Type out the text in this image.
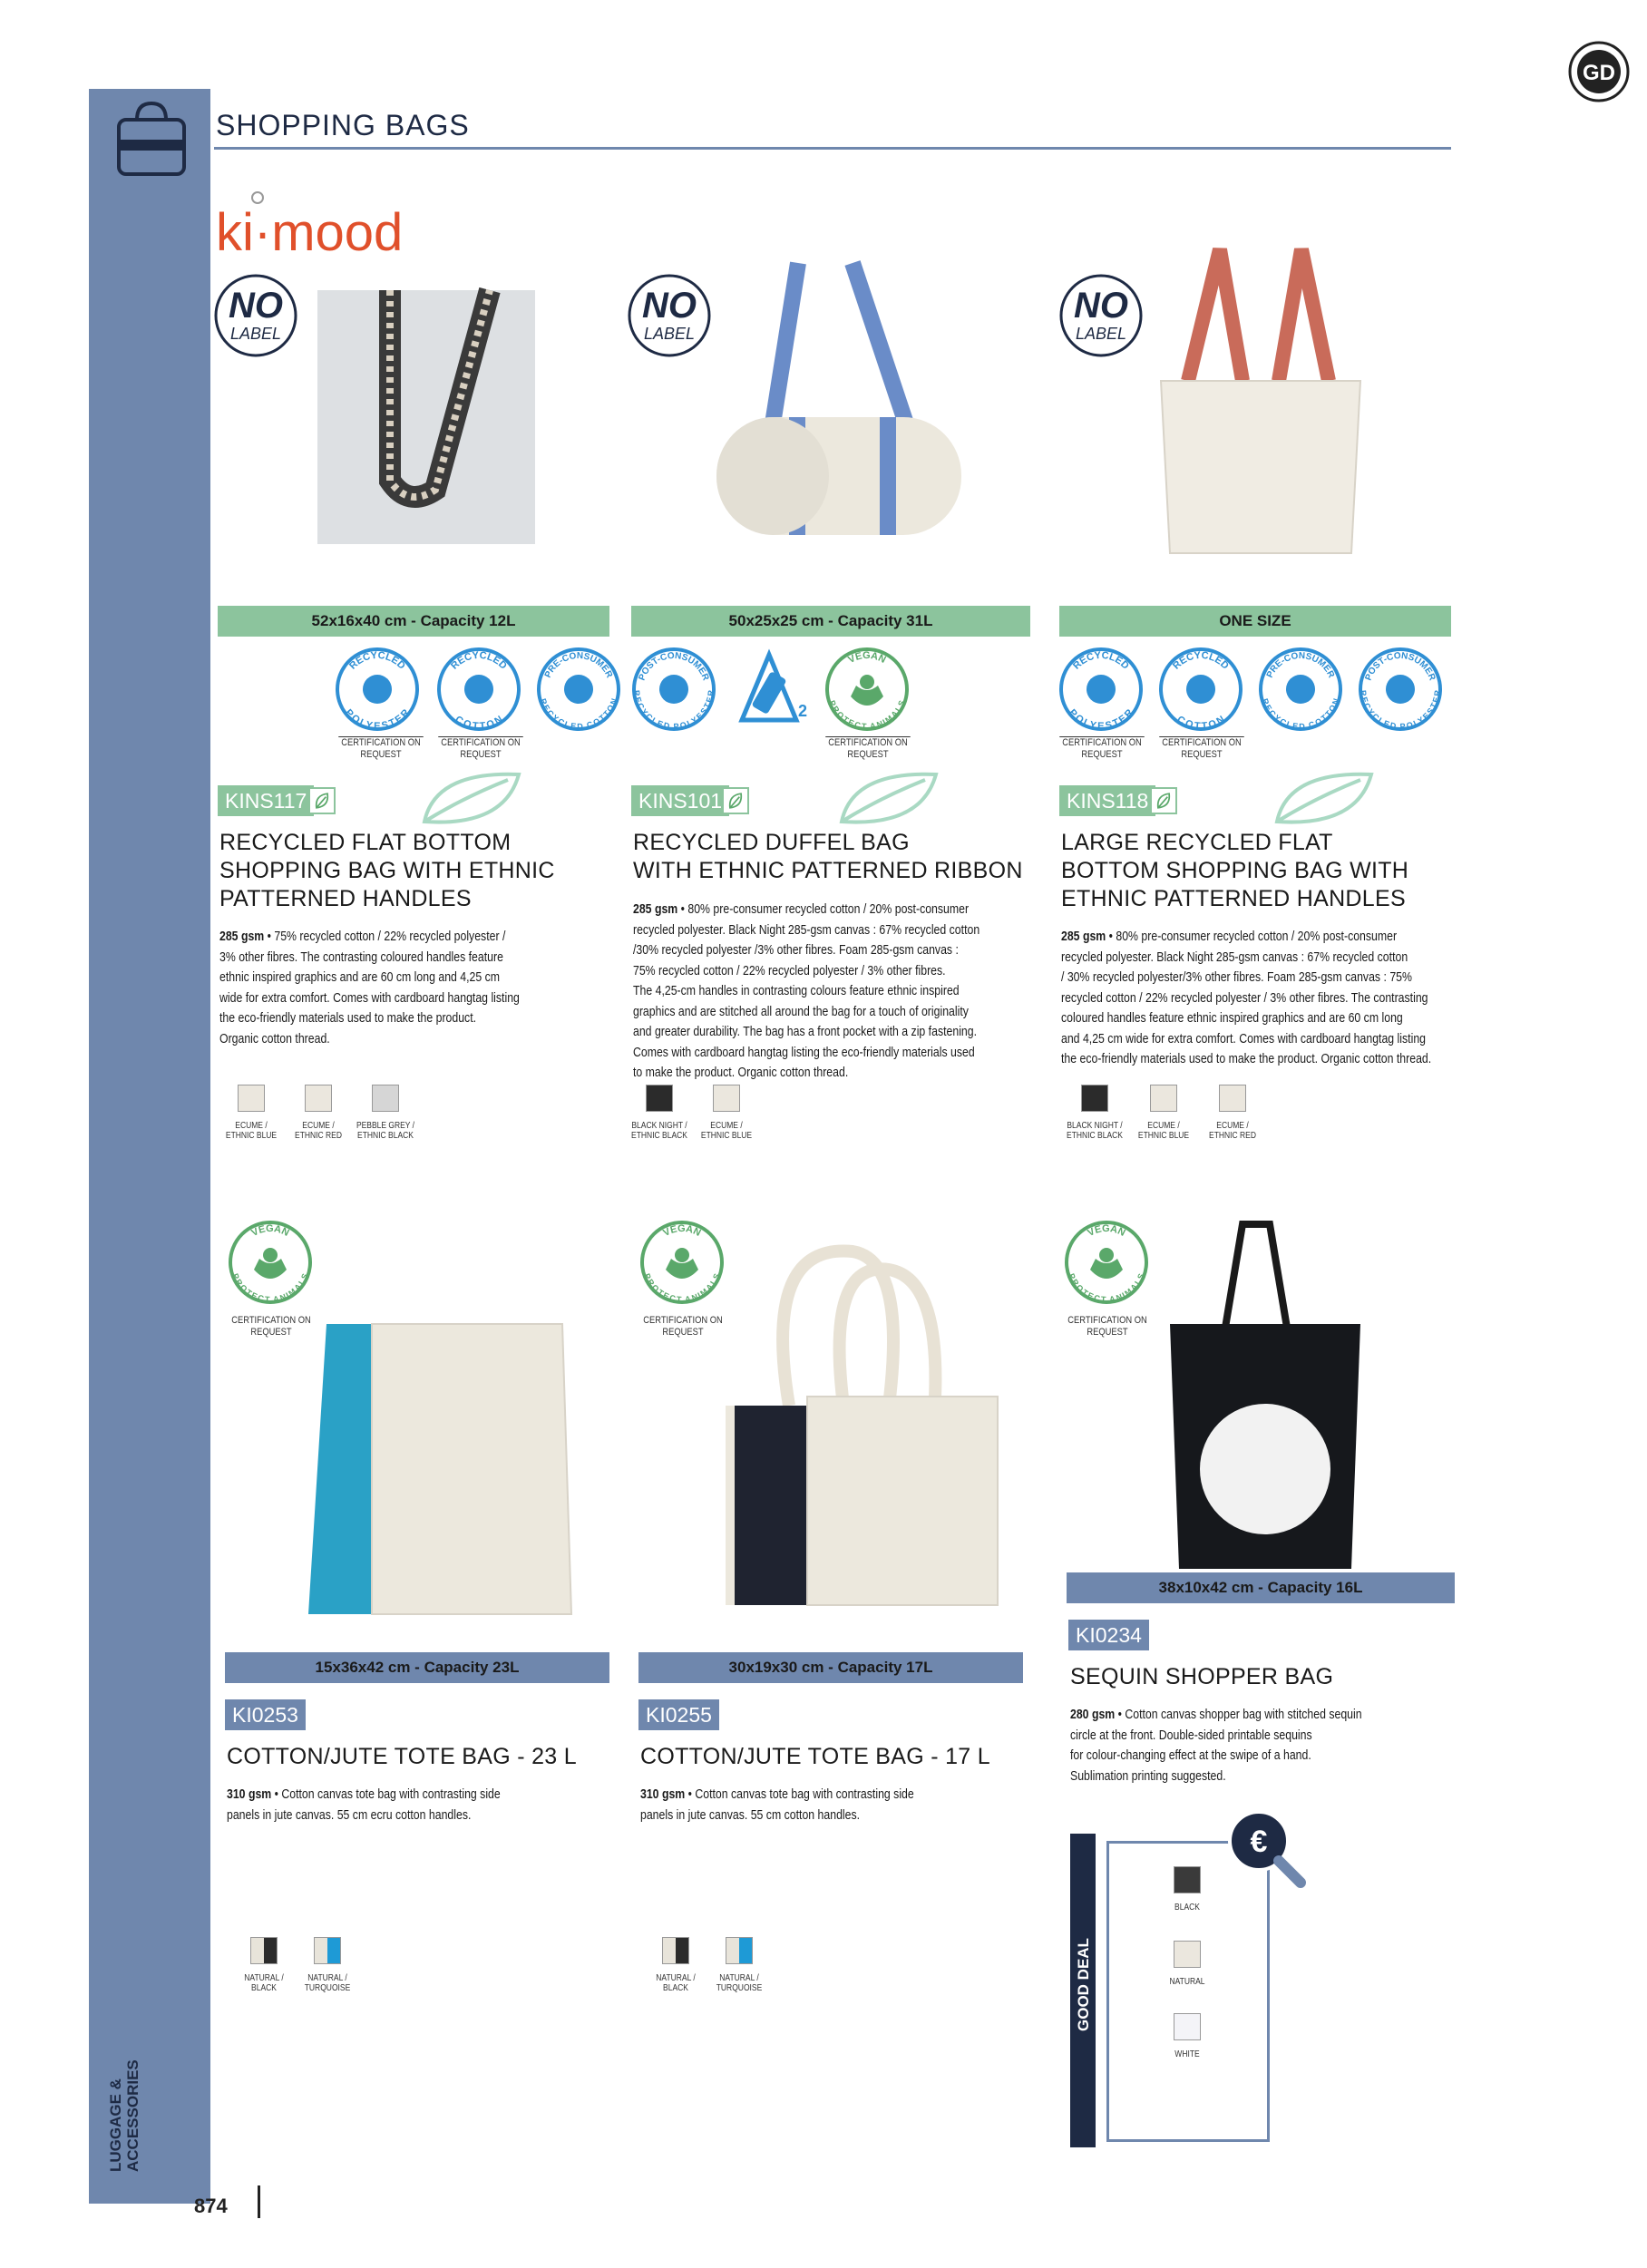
LUGGAGE & ACCESSORIES
SHOPPING BAGS
GD
ki·mood
NO
LABEL
NO
LABEL
NO
LABEL
52x16x40 cm - Capacity 12L	50x25x25 cm - Capacity 31L	ONE SIZE
RECYCLED
POLYESTER
RECYCLED
COTTON
PRE-CONSUMER
RECYCLED COTTON
CERTIFICATION ON
REQUEST
CERTIFICATION ON
REQUEST
POST-CONSUMER
RECYCLED POLYESTER
2
VEGAN
PROTECT ANIMALS
CERTIFICATION ON
REQUEST
RECYCLED
POLYESTER
RECYCLED
COTTON
PRE-CONSUMER
RECYCLED COTTON
POST-CONSUMER
RECYCLED POLYESTER
CERTIFICATION ON
REQUEST
CERTIFICATION ON
REQUEST
KINS117	KINS101	KINS118
RECYCLED FLAT BOTTOM
SHOPPING BAG WITH ETHNIC
PATTERNED HANDLES
RECYCLED DUFFEL BAG
WITH ETHNIC PATTERNED RIBBON
LARGE RECYCLED FLAT
BOTTOM SHOPPING BAG WITH
ETHNIC PATTERNED HANDLES
285 gsm • 75% recycled cotton / 22% recycled polyester /
3% other fibres. The contrasting coloured handles feature
ethnic inspired graphics and are 60 cm long and 4,25 cm
wide for extra comfort. Comes with cardboard hangtag listing
the eco-friendly materials used to make the product.
Organic cotton thread.
285 gsm • 80% pre-consumer recycled cotton / 20% post-consumer
recycled polyester. Black Night 285-gsm canvas : 67% recycled cotton
/30% recycled polyester /3% other fibres. Foam 285-gsm canvas :
75% recycled cotton / 22% recycled polyester / 3% other fibres.
The 4,25-cm handles in contrasting colours feature ethnic inspired
graphics and are stitched all around the bag for a touch of originality
and greater durability. The bag has a front pocket with a zip fastening.
Comes with cardboard hangtag listing the eco-friendly materials used
to make the product. Organic cotton thread.
285 gsm • 80% pre-consumer recycled cotton / 20% post-consumer
recycled polyester. Black Night 285-gsm canvas : 67% recycled cotton
/ 30% recycled polyester/3% other fibres. Foam 285-gsm canvas : 75%
recycled cotton / 22% recycled polyester / 3% other fibres. The contrasting
coloured handles feature ethnic inspired graphics and are 60 cm long
and 4,25 cm wide for extra comfort. Comes with cardboard hangtag listing
the eco-friendly materials used to make the product. Organic cotton thread.
ECUME /
ETHNIC BLUE
ECUME /
ETHNIC RED
PEBBLE GREY /
ETHNIC BLACK
BLACK NIGHT /
ETHNIC BLACK
ECUME /
ETHNIC BLUE
BLACK NIGHT /
ETHNIC BLACK
ECUME /
ETHNIC BLUE
ECUME /
ETHNIC RED
VEGAN
PROTECT ANIMALS
CERTIFICATION ON
REQUEST
VEGAN
PROTECT ANIMALS
CERTIFICATION ON
REQUEST
VEGAN
PROTECT ANIMALS
CERTIFICATION ON
REQUEST
15x36x42 cm - Capacity 23L	30x19x30 cm - Capacity 17L
38x10x42 cm - Capacity 16L
KI0253	KI0255
KI0234
COTTON/JUTE TOTE BAG - 23 L	COTTON/JUTE TOTE BAG - 17 L
SEQUIN SHOPPER BAG
310 gsm • Cotton canvas tote bag with contrasting side
panels in jute canvas. 55 cm ecru cotton handles.
310 gsm • Cotton canvas tote bag with contrasting side
panels in jute canvas. 55 cm cotton handles.
280 gsm • Cotton canvas shopper bag with stitched sequin
circle at the front. Double-sided printable sequins
for colour-changing effect at the swipe of a hand.
Sublimation printing suggested.
NATURAL / BLACK
NATURAL /
TURQUOISE
NATURAL / BLACK
NATURAL /
TURQUOISE	GOOD DEAL
€
BLACK
NATURAL
WHITE
874
